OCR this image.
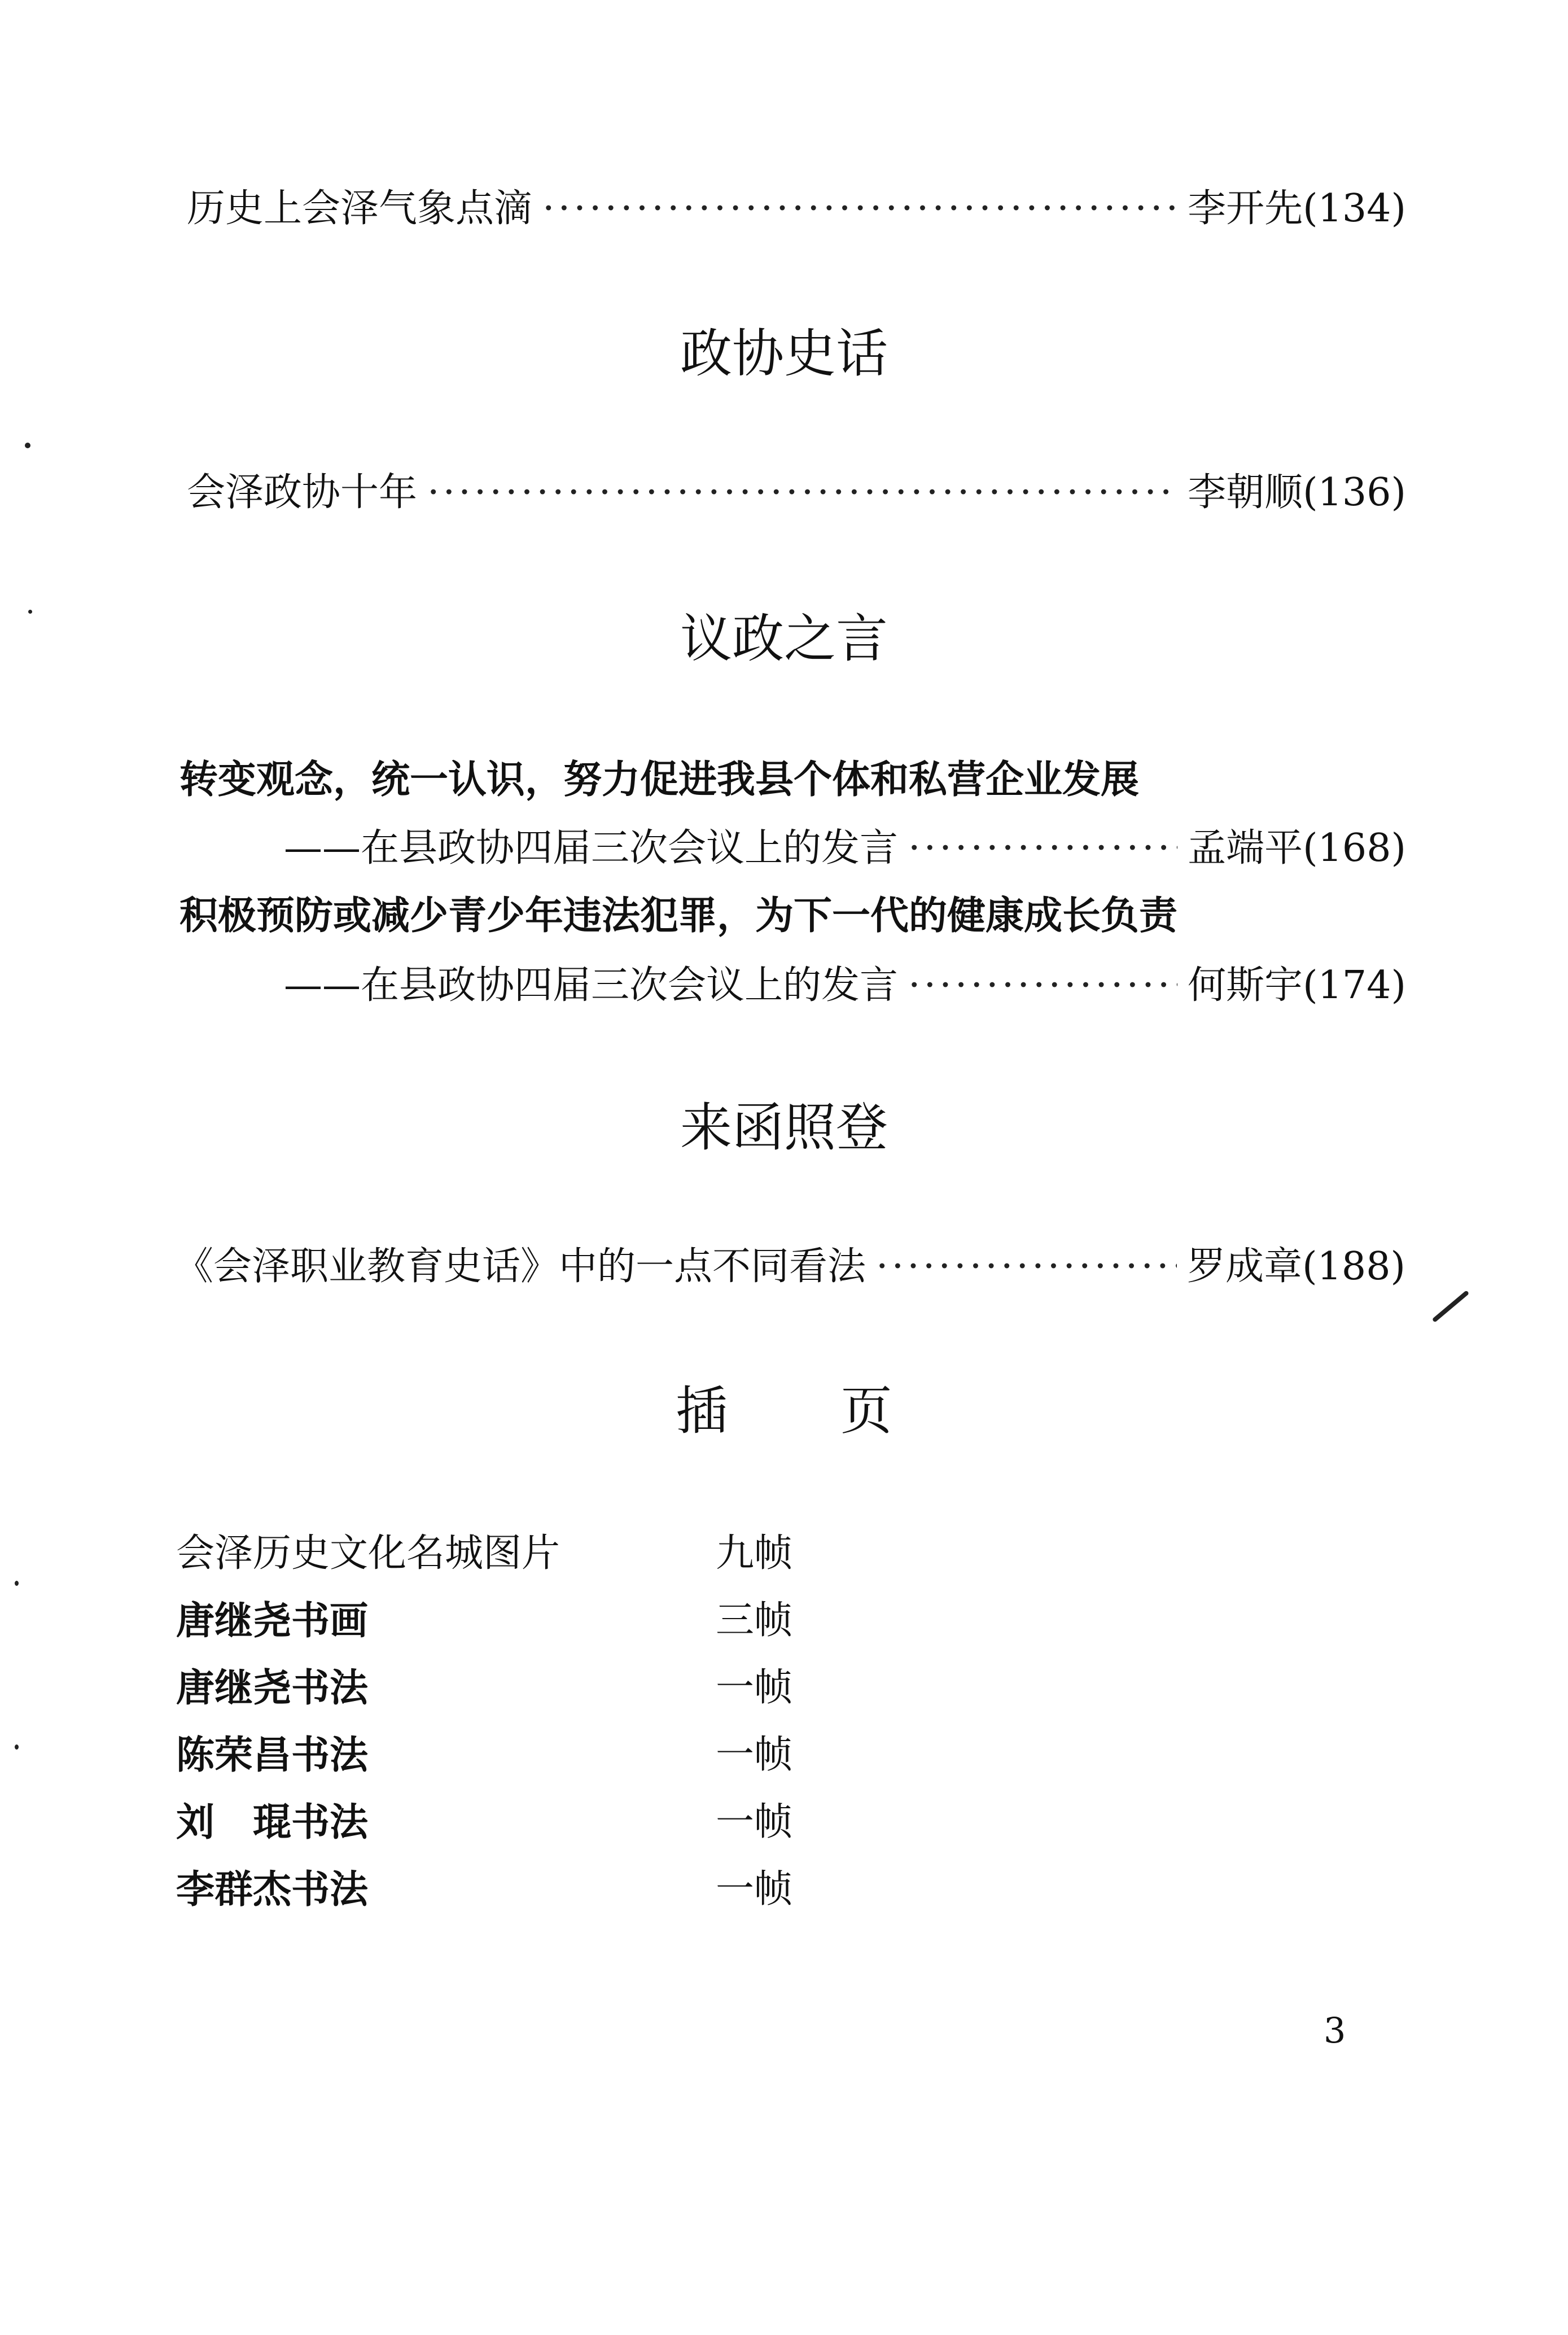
历史上会泽气象点滴 ·····	李开先 (134)
政协史话
会泽政协十年 ·····	李朝顺 (136)
议政之言
转变观念，统一认识，努力促进我县个体和私营企业发展
——在县政协四届三次会议上的发言 ·····	孟端平 (168)
积极预防或减少青少年违法犯罪，为下一代的健康成长负责
——在县政协四届三次会议上的发言 ·····	何斯宇 (174)
来函照登
《会泽职业教育史话》中的一点不同看法 ·····	罗成章 (188)
插页
会泽历史文化名城图片	九帧
唐继尧书画	三帧
唐继尧书法	一帧
陈荣昌书法	一帧
刘　琨书法	一帧
李群杰书法	一帧
3
